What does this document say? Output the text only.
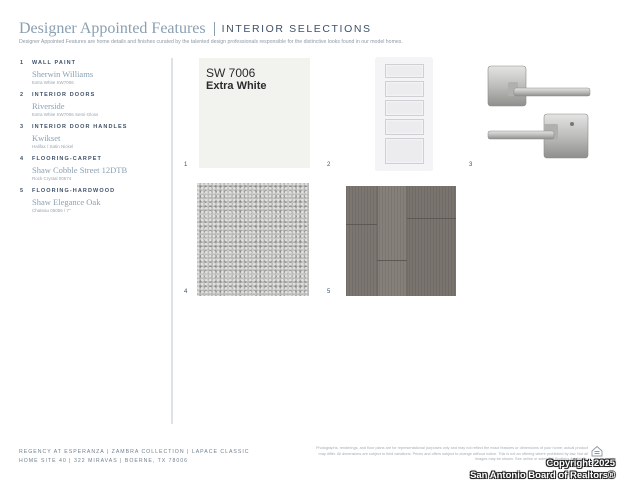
Designer Appointed Features INTERIOR SELECTIONS
Designer Appointed Features are home details and finishes curated by the talented design professionals responsible for the distinctive looks found in our model homes.
1 WALL PAINT
Sherwin Williams
Extra White SW7006
2 INTERIOR DOORS
Riverside
Extra White SW7006 Semi-Gloss
3 INTERIOR DOOR HANDLES
Kwikset
Halifax / Satin Nickel
4 FLOORING-CARPET
Shaw Cobble Street 12DTB
Rock Crystal 00574
5 FLOORING-HARDWOOD
Shaw Elegance Oak
Chateau 05056 / 7"
SW 7006
Extra White
1	2	3
4	5
REGENCY AT ESPERANZA | ZAMBRA COLLECTION | LAPACE CLASSIC
HOME SITE 40 | 322 MIRAVAS | BOERNE, TX 78006
Photographs, renderings, and floor plans are for representational purposes only and may not reflect the exact features or dimensions of your home; actual product may differ. All dimensions are subject to field variations. Prices and offers subject to change without notice. This is not an offering where prohibited by law. Not all images may be shown. See online or sales Toll Brothers for details.
Copyright 2025
San Antonio Board of Realtors®
